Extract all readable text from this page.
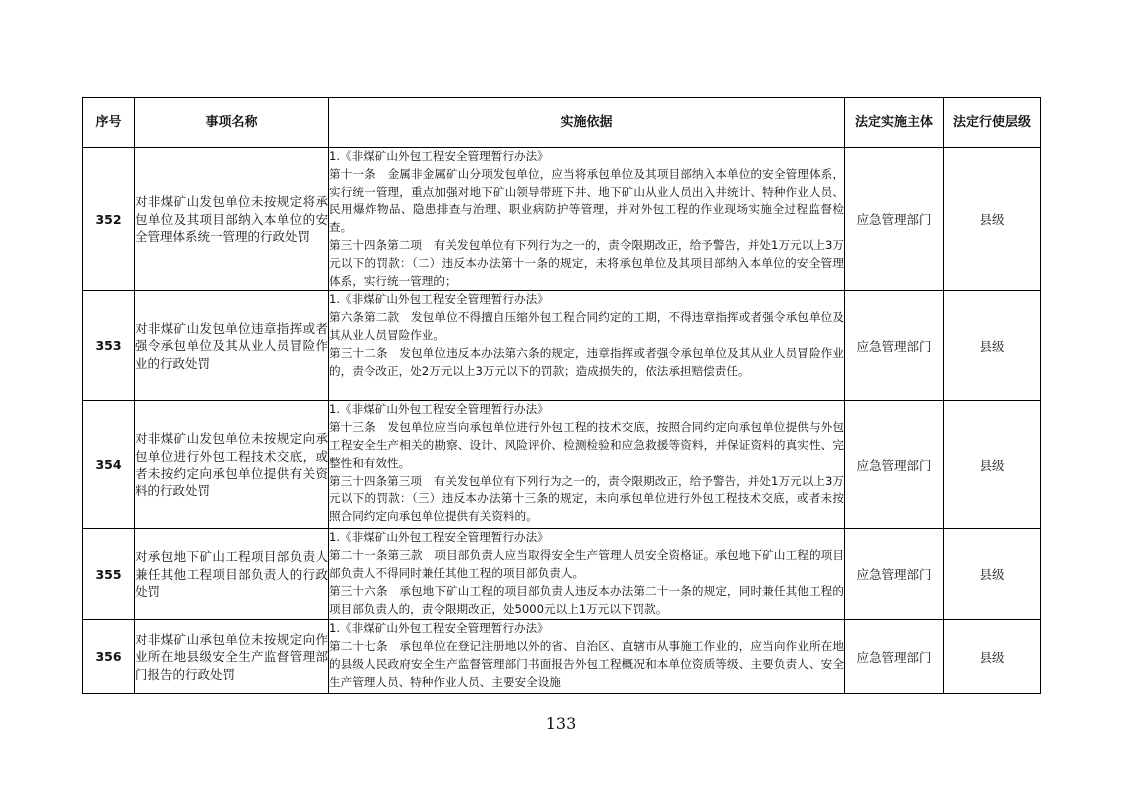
序号	事项名称	实施依据	法定实施主体	法定行使层级
352	对非煤矿山发包单位未按规定将承包单位及其项目部纳入本单位的安全管理体系统一管理的行政处罚	1.《非煤矿山外包工程安全管理暂行办法》

第十一条　金属非金属矿山分项发包单位，应当将承包单位及其项目部纳入本单位的安全管理体系，实行统一管理，重点加强对地下矿山领导带班下井、地下矿山从业人员出入井统计、特种作业人员、民用爆炸物品、隐患排查与治理、职业病防护等管理，并对外包工程的作业现场实施全过程监督检查。

第三十四条第二项　有关发包单位有下列行为之一的，责令限期改正，给予警告，并处1万元以上3万元以下的罚款：（二）违反本办法第十一条的规定，未将承包单位及其项目部纳入本单位的安全管理体系，实行统一管理的；	应急管理部门	县级
353	对非煤矿山发包单位违章指挥或者强令承包单位及其从业人员冒险作业的行政处罚	1.《非煤矿山外包工程安全管理暂行办法》

第六条第二款　发包单位不得擅自压缩外包工程合同约定的工期，不得违章指挥或者强令承包单位及其从业人员冒险作业。

第三十二条　发包单位违反本办法第六条的规定，违章指挥或者强令承包单位及其从业人员冒险作业的，责令改正，处2万元以上3万元以下的罚款；造成损失的，依法承担赔偿责任。	应急管理部门	县级
354	对非煤矿山发包单位未按规定向承包单位进行外包工程技术交底，或者未按约定向承包单位提供有关资料的行政处罚	1.《非煤矿山外包工程安全管理暂行办法》

第十三条　发包单位应当向承包单位进行外包工程的技术交底，按照合同约定向承包单位提供与外包工程安全生产相关的勘察、设计、风险评价、检测检验和应急救援等资料，并保证资料的真实性、完整性和有效性。

第三十四条第三项　有关发包单位有下列行为之一的，责令限期改正，给予警告，并处1万元以上3万元以下的罚款：（三）违反本办法第十三条的规定，未向承包单位进行外包工程技术交底，或者未按照合同约定向承包单位提供有关资料的。	应急管理部门	县级
355	对承包地下矿山工程项目部负责人兼任其他工程项目部负责人的行政处罚	1.《非煤矿山外包工程安全管理暂行办法》

第二十一条第三款　项目部负责人应当取得安全生产管理人员安全资格证。承包地下矿山工程的项目部负责人不得同时兼任其他工程的项目部负责人。

第三十六条　承包地下矿山工程的项目部负责人违反本办法第二十一条的规定，同时兼任其他工程的项目部负责人的，责令限期改正，处5000元以上1万元以下罚款。	应急管理部门	县级
356	对非煤矿山承包单位未按规定向作业所在地县级安全生产监督管理部门报告的行政处罚	1.《非煤矿山外包工程安全管理暂行办法》

第二十七条　承包单位在登记注册地以外的省、自治区、直辖市从事施工作业的，应当向作业所在地的县级人民政府安全生产监督管理部门书面报告外包工程概况和本单位资质等级、主要负责人、安全生产管理人员、特种作业人员、主要安全设施	应急管理部门	县级
133
